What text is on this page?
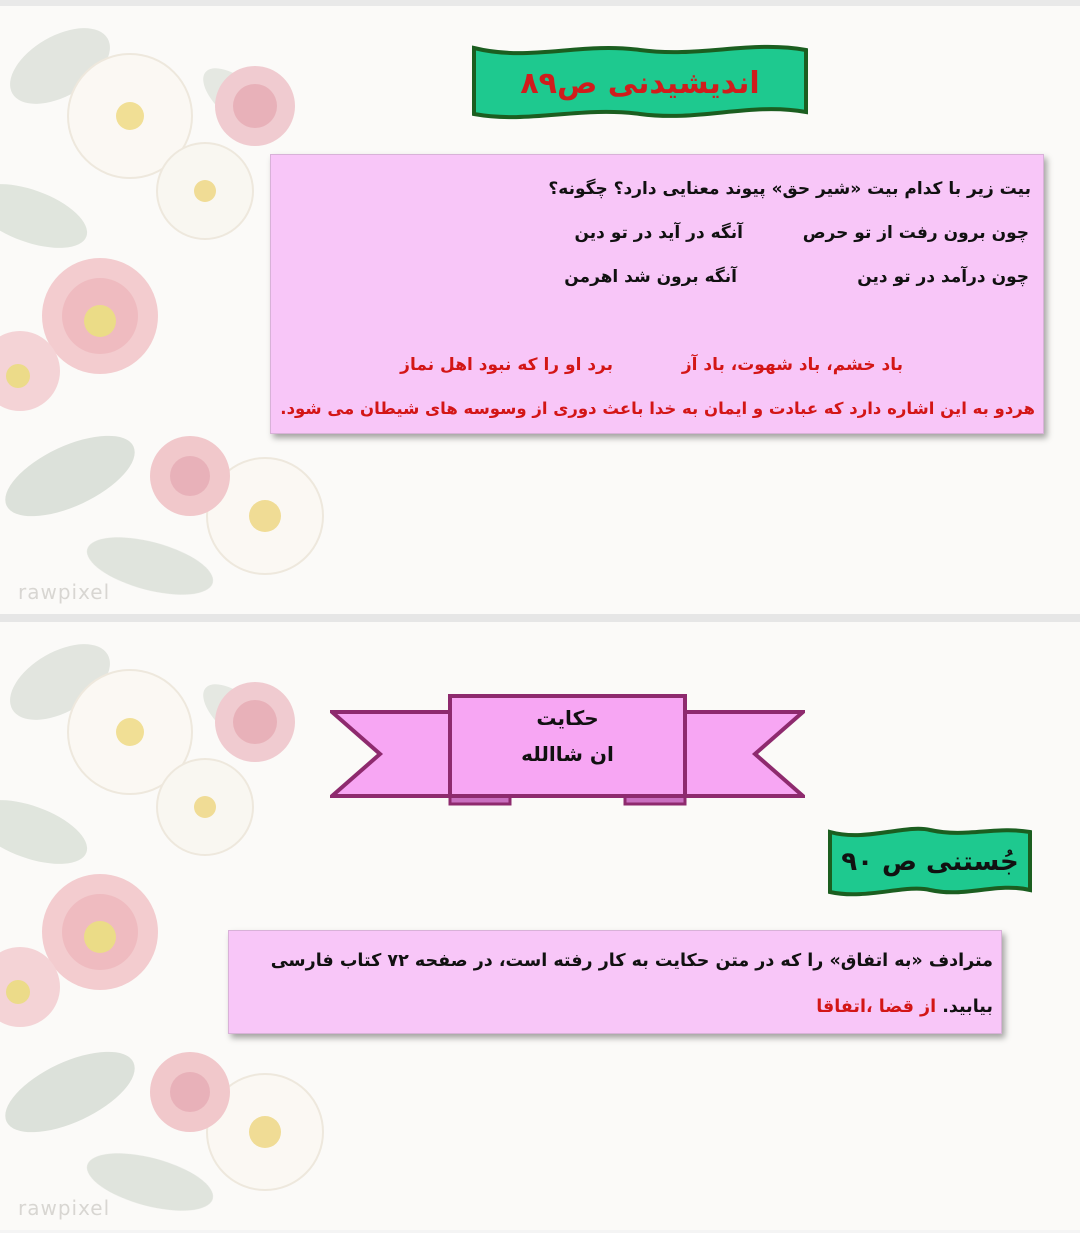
rawpixel
اندیشیدنی ص۸۹
بیت زیر با کدام بیت «شیر حق» پیوند معنایی دارد؟ چگونه؟
چون برون رفت از تو حرص
آنگه در آید در تو دین
چون درآمد در تو دین
آنگه برون شد اهرمن
باد خشم، باد شهوت، باد آز
برد او را که نبود اهل نماز
هردو به این اشاره دارد که عبادت و ایمان به خدا باعث دوری از وسوسه های شیطان می شود.
rawpixel
حکایت
ان شاالله
جُستنی ص ۹۰
مترادف «به اتفاق» را که در متن حکایت به کار رفته است، در صفحه ۷۲ کتاب فارسی
بیابید. از قضا ،اتفاقا
